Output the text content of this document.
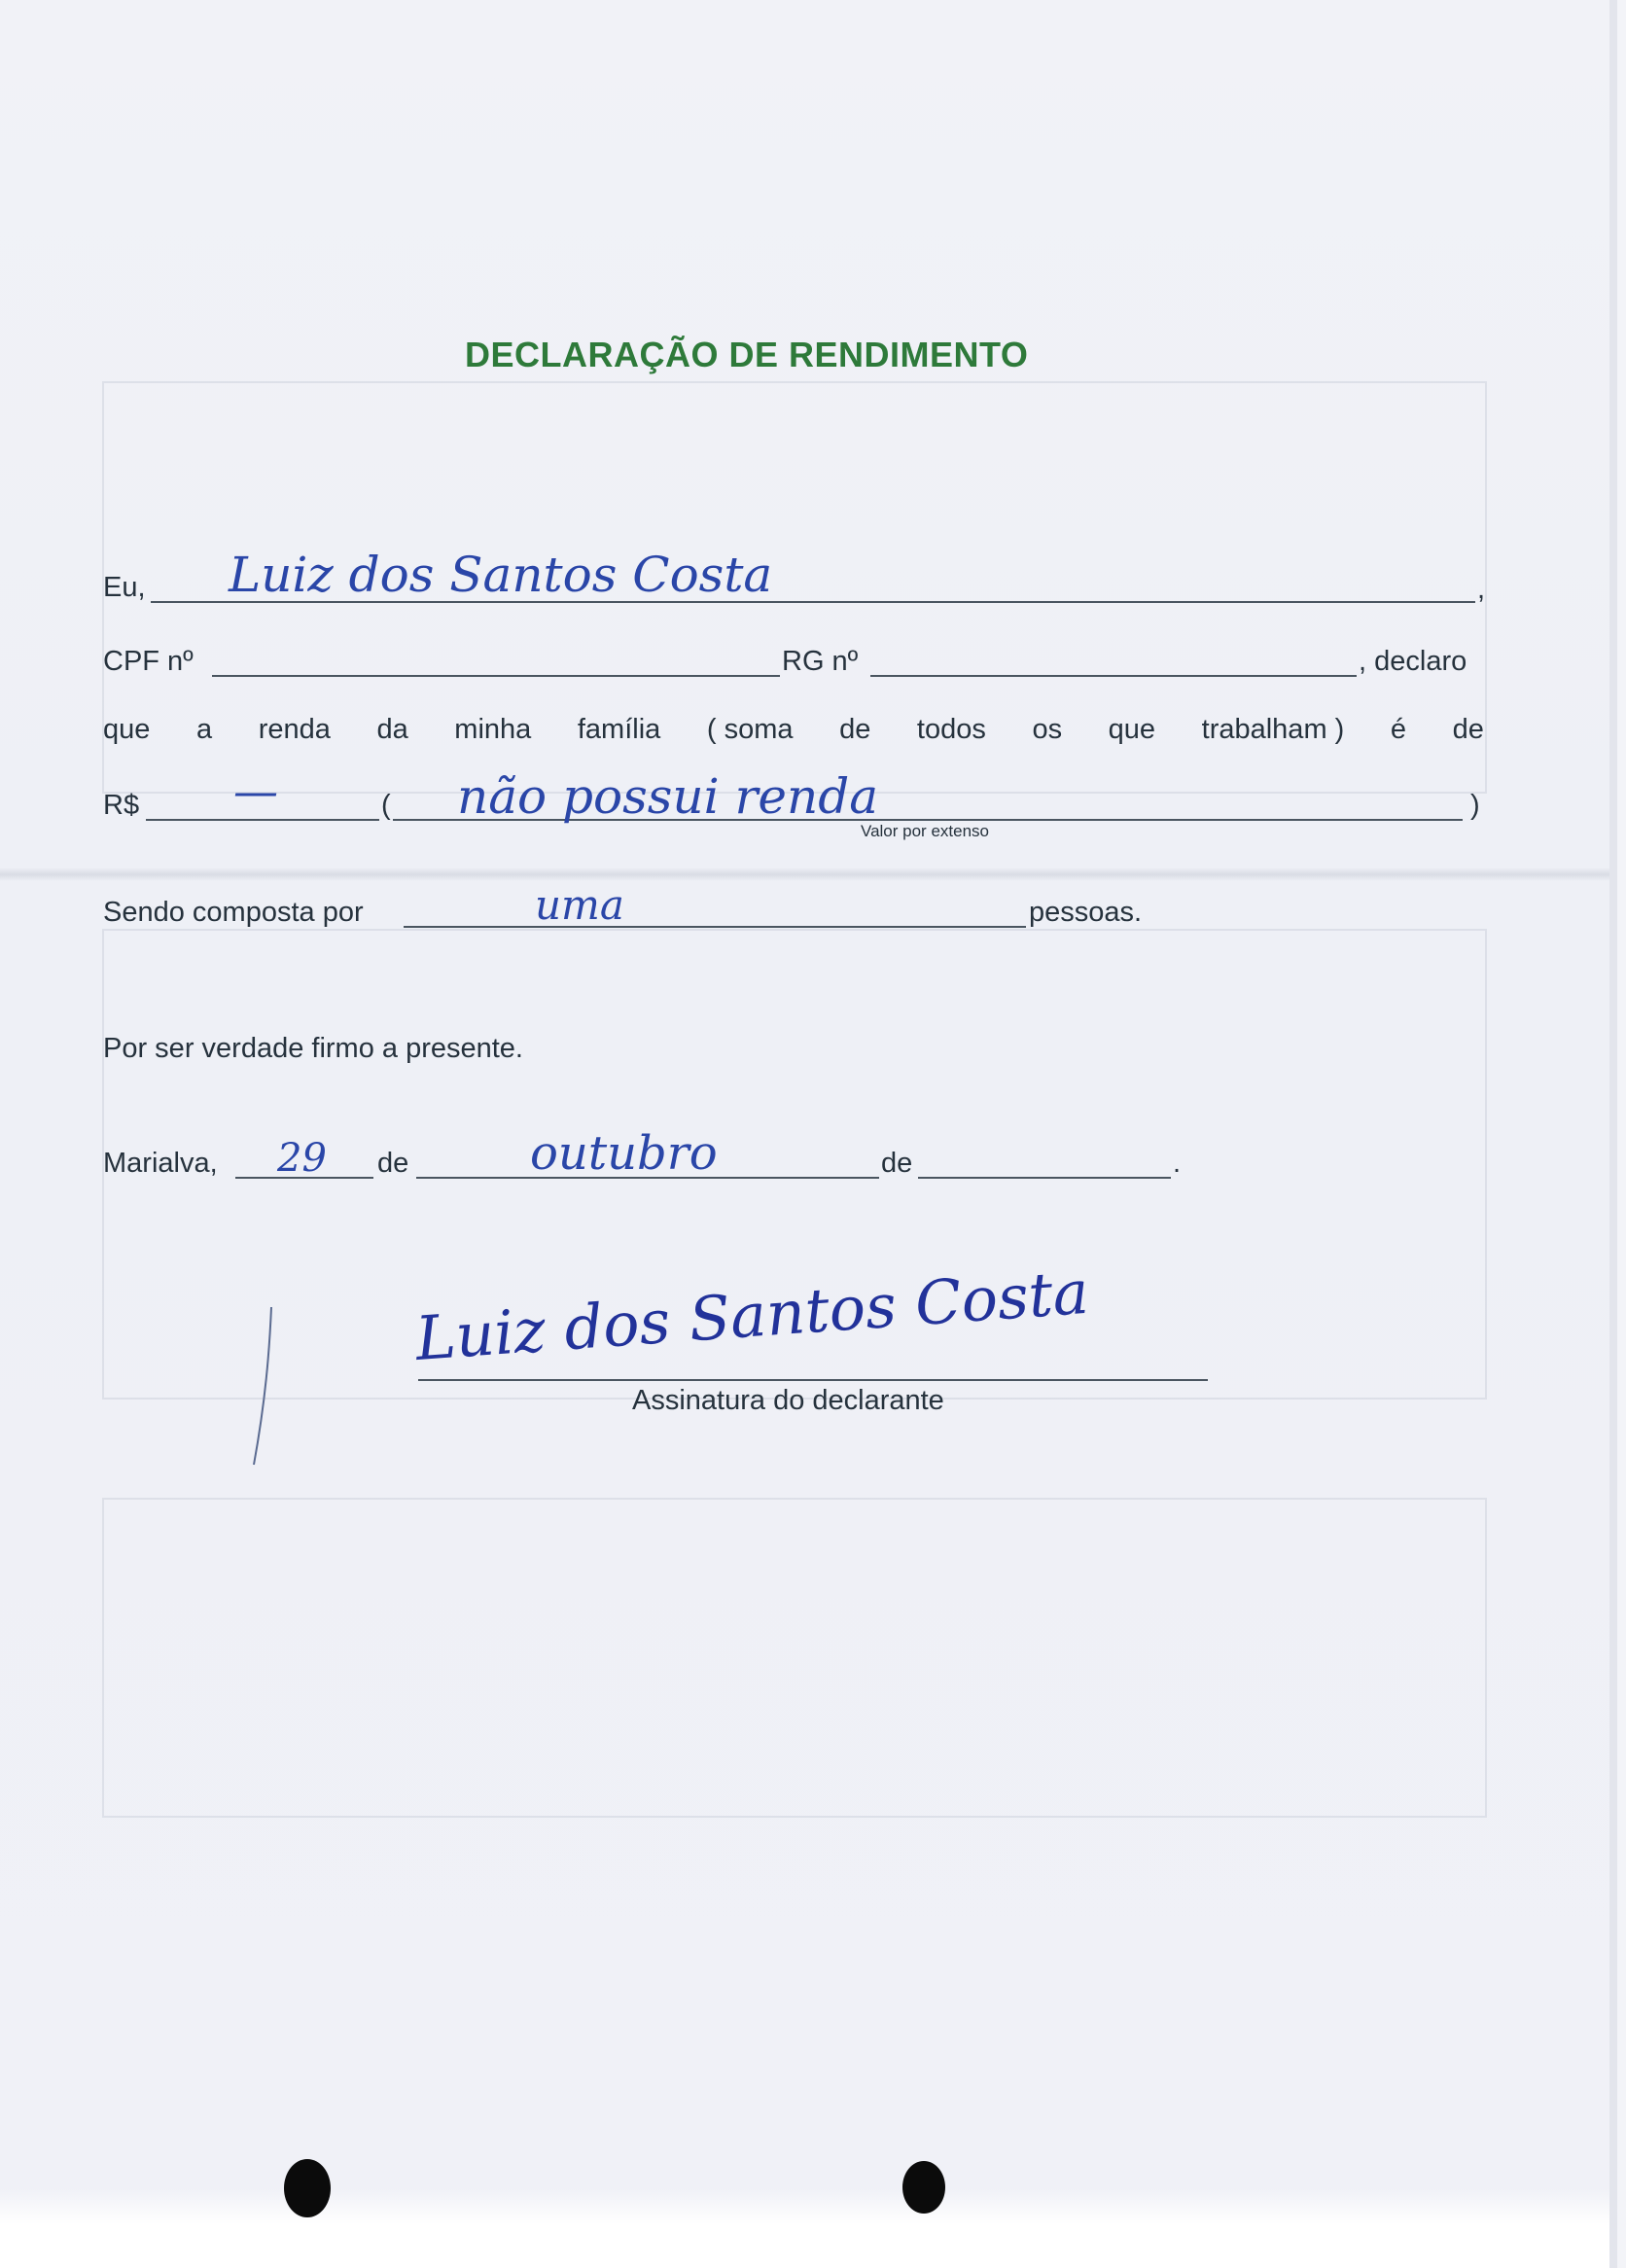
DECLARAÇÃO DE RENDIMENTO
Eu, Luiz dos Santos Costa	,
CPF nº	RG nº	, declaro
que a renda da minha família ( soma de todos os que trabalham ) é de
R$ —	( não possui renda
Valor por extenso
)
Sendo composta por	uma	pessoas.
Por ser verdade firmo a presente.
Marialva, 29 de	outubro	de	.
Luiz dos Santos Costa
Assinatura do declarante
